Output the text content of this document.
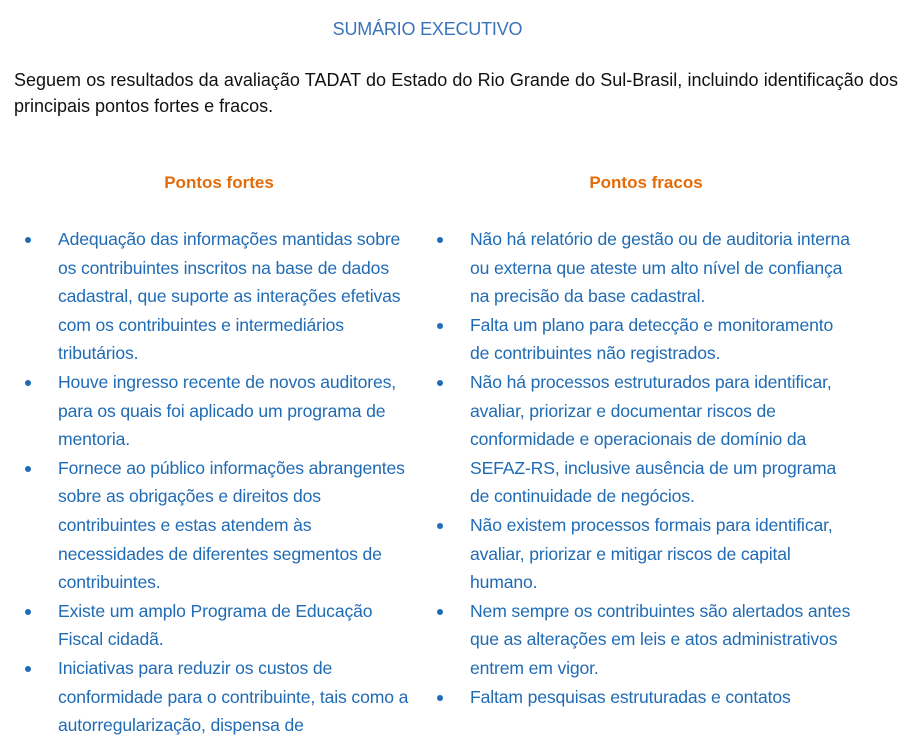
SUMÁRIO EXECUTIVO

Seguem os resultados da avaliação TADAT do Estado do Rio Grande do Sul-Brasil, incluindo identificação dos principais pontos fortes e fracos.

Pontos fortes
Adequação das informações mantidas sobre os contribuintes inscritos na base de dados cadastral, que suporte as interações efetivas com os contribuintes e intermediários tributários.
Houve ingresso recente de novos auditores, para os quais foi aplicado um programa de mentoria.
Fornece ao público informações abrangentes sobre as obrigações e direitos dos contribuintes e estas atendem às necessidades de diferentes segmentos de contribuintes.
Existe um amplo Programa de Educação Fiscal cidadã.
Iniciativas para reduzir os custos de conformidade para o contribuinte, tais como a autorregularização, dispensa de
Pontos fracos
Não há relatório de gestão ou de auditoria interna ou externa que ateste um alto nível de confiança na precisão da base cadastral.
Falta um plano para detecção e monitoramento de contribuintes não registrados.
Não há processos estruturados para identificar, avaliar, priorizar e documentar riscos de conformidade e operacionais de domínio da SEFAZ-RS, inclusive ausência de um programa de continuidade de negócios.
Não existem processos formais para identificar, avaliar, priorizar e mitigar riscos de capital humano.
Nem sempre os contribuintes são alertados antes que as alterações em leis e atos administrativos entrem em vigor.
Faltam pesquisas estruturadas e contatos
